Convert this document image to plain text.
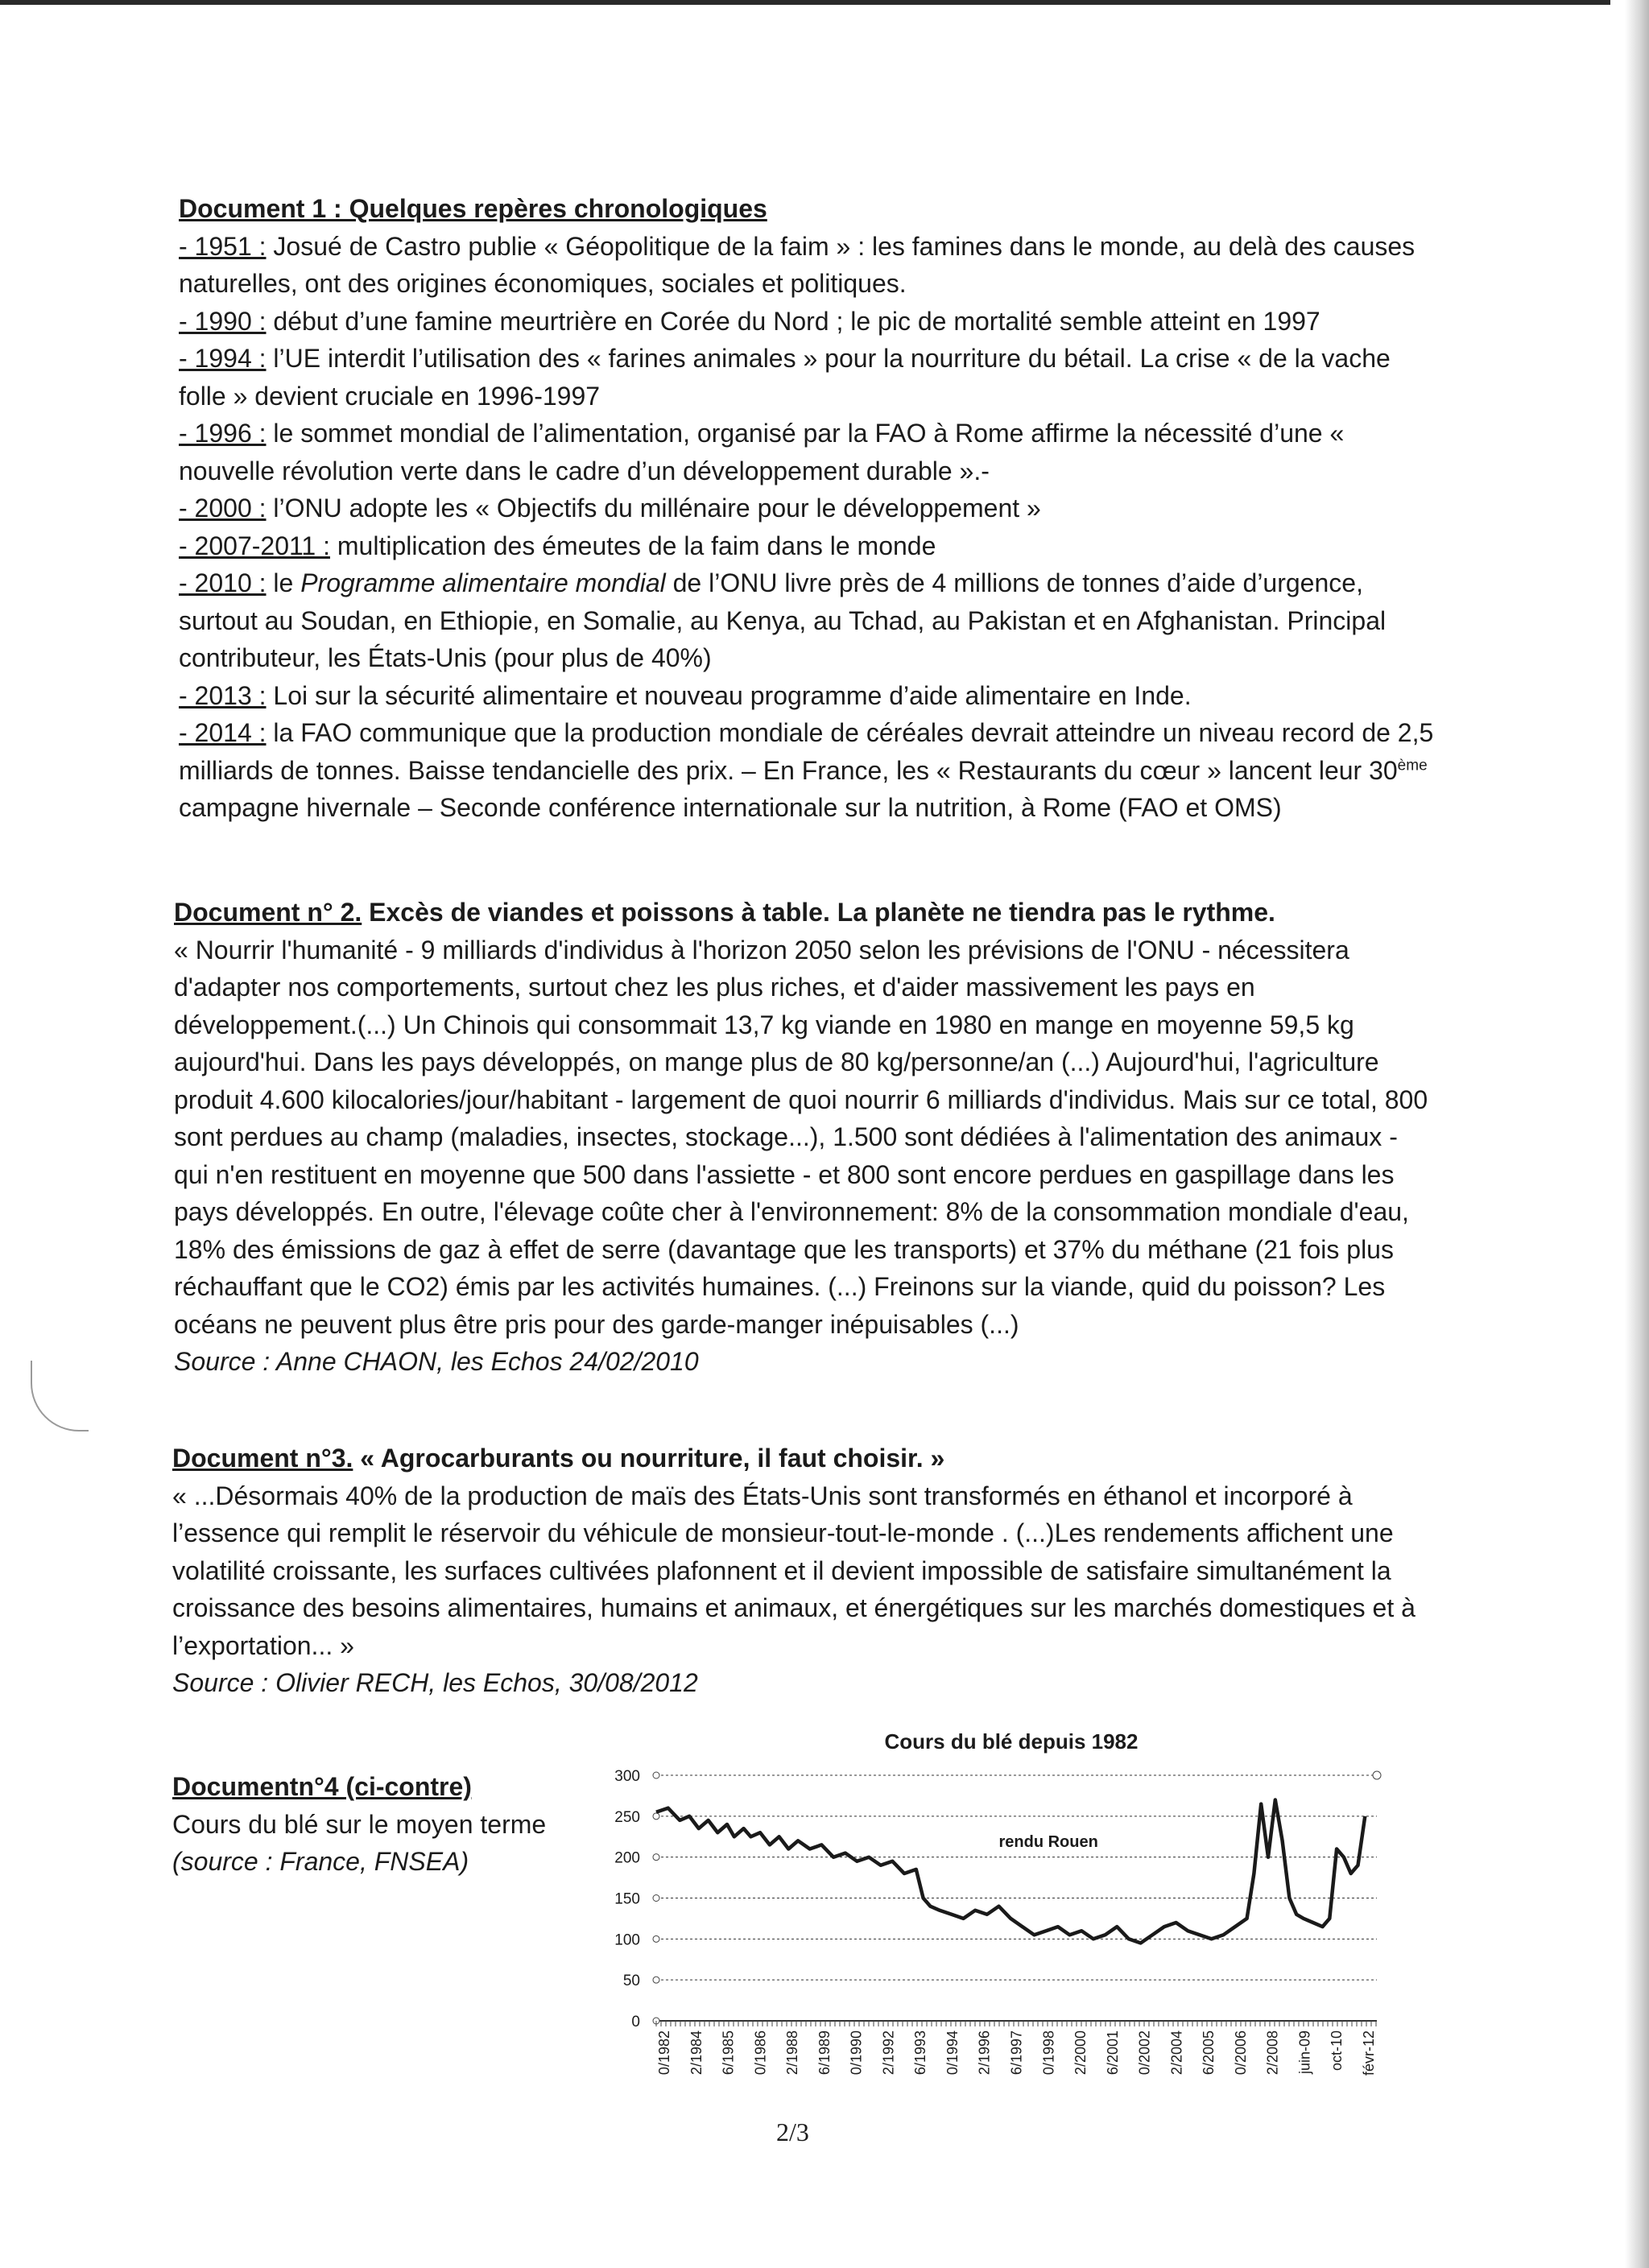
Document 1 : Quelques repères chronologiques

- 1951 : Josué de Castro publie « Géopolitique de la faim » : les famines dans le monde, au delà des causes naturelles, ont des origines économiques, sociales et politiques.

- 1990 : début d’une famine meurtrière en Corée du Nord ; le pic de mortalité semble atteint en 1997

- 1994 : l’UE interdit l’utilisation des « farines animales » pour la nourriture du bétail. La crise « de la vache folle » devient cruciale en 1996-1997

- 1996 : le sommet mondial de l’alimentation, organisé par la FAO à Rome affirme la nécessité d’une « nouvelle révolution verte dans le cadre d’un développement durable ».-

- 2000 : l’ONU adopte les « Objectifs du millénaire pour le développement »

- 2007-2011 : multiplication des émeutes de la faim dans le monde

- 2010 : le Programme alimentaire mondial de l’ONU livre près de 4 millions de tonnes d’aide d’urgence, surtout au Soudan, en Ethiopie, en Somalie, au Kenya, au Tchad, au Pakistan et en Afghanistan. Principal contributeur, les États-Unis (pour plus de 40%)

- 2013 : Loi sur la sécurité alimentaire et nouveau programme d’aide alimentaire en Inde.

- 2014 : la FAO communique que la production mondiale de céréales devrait atteindre un niveau record de 2,5 milliards de tonnes. Baisse tendancielle des prix. – En France, les « Restaurants du cœur » lancent leur 30ème campagne hivernale – Seconde conférence internationale sur la nutrition, à Rome (FAO et OMS)

Document n° 2. Excès de viandes et poissons à table. La planète ne tiendra pas le rythme.

« Nourrir l'humanité - 9 milliards d'individus à l'horizon 2050 selon les prévisions de l'ONU - nécessitera d'adapter nos comportements, surtout chez les plus riches, et d'aider massivement les pays en développement.(...) Un Chinois qui consommait 13,7 kg viande en 1980 en mange en moyenne 59,5 kg aujourd'hui. Dans les pays développés, on mange plus de 80 kg/personne/an (...) Aujourd'hui, l'agriculture produit 4.600 kilocalories/jour/habitant - largement de quoi nourrir 6 milliards d'individus. Mais sur ce total, 800 sont perdues au champ (maladies, insectes, stockage...), 1.500 sont dédiées à l'alimentation des animaux - qui n'en restituent en moyenne que 500 dans l'assiette - et 800 sont encore perdues en gaspillage dans les pays développés. En outre, l'élevage coûte cher à l'environnement: 8% de la consommation mondiale d'eau, 18% des émissions de gaz à effet de serre (davantage que les transports) et 37% du méthane (21 fois plus réchauffant que le CO2) émis par les activités humaines. (...) Freinons sur la viande, quid du poisson? Les océans ne peuvent plus être pris pour des garde-manger inépuisables (...)

Source : Anne CHAON, les Echos 24/02/2010

Document n°3. « Agrocarburants ou nourriture, il faut choisir. »

« ...Désormais 40% de la production de maïs des États-Unis sont transformés en éthanol et incorporé à l’essence qui remplit le réservoir du véhicule de monsieur-tout-le-monde . (...)Les rendements affichent une volatilité croissante, les surfaces cultivées plafonnent et il devient impossible de satisfaire simultanément la croissance des besoins alimentaires, humains et animaux, et énergétiques sur les marchés domestiques et à l’exportation... »

Source : Olivier RECH, les Echos, 30/08/2012

Documentn°4 (ci-contre)

Cours du blé sur le moyen terme

(source : France, FNSEA)

Cours du blé depuis 1982
0
50
100
150
200
250
300
0/1982 2/1984 6/1985 0/1986 2/1988 6/1989 0/1990 2/1992 6/1993 0/1994 2/1996 6/1997 0/1998 2/2000 6/2001 0/2002 2/2004 6/2005 0/2006 2/2008 juin-09 oct-10 févr-12
rendu Rouen
2/3
